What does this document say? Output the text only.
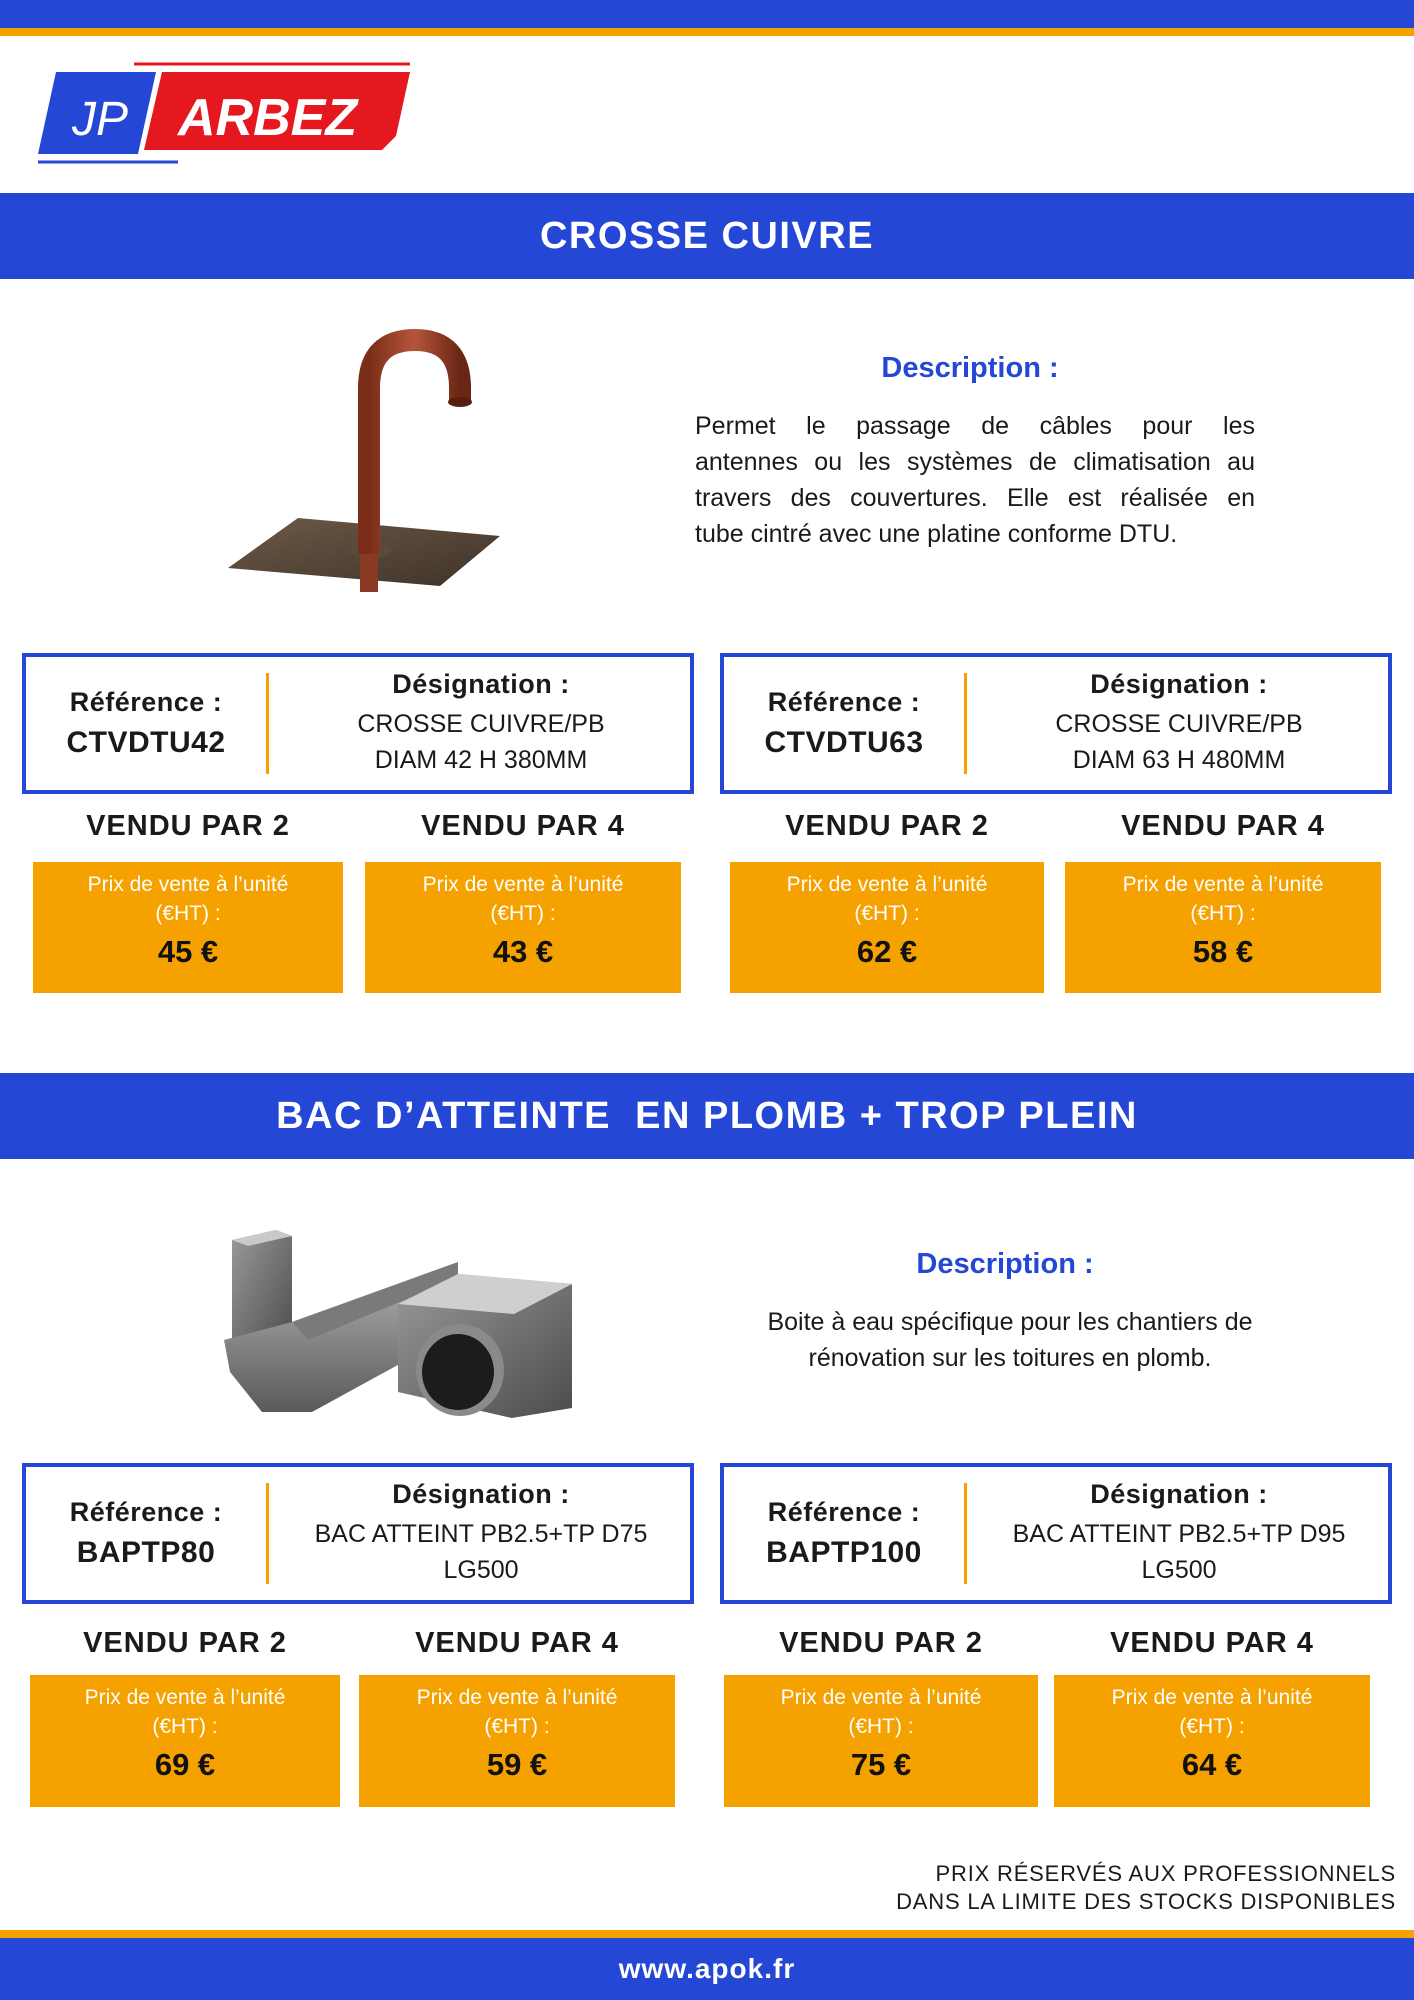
JP ARBEZ
CROSSE CUIVRE
Description :
Permet le passage de câbles pour les
antennes ou les systèmes de climatisation au
travers des couvertures. Elle est réalisée en
tube cintré avec une platine conforme DTU.
Référence :
CTVDTU42
Désignation :
CROSSE CUIVRE/PB
DIAM 42 H 380MM
Référence :
CTVDTU63
Désignation :
CROSSE CUIVRE/PB
DIAM 63 H 480MM
VENDU PAR 2	VENDU PAR 4	VENDU PAR 2	VENDU PAR 4
Prix de vente à l’unité
(€HT) :
45 €
Prix de vente à l’unité
(€HT) :
43 €
Prix de vente à l’unité
(€HT) :
62 €
Prix de vente à l’unité
(€HT) :
58 €
BAC D’ATTEINTE  EN PLOMB + TROP PLEIN
Description :
Boite à eau spécifique pour les chantiers de
rénovation sur les toitures en plomb.
Référence :
BAPTP80
Désignation :
BAC ATTEINT PB2.5+TP D75
LG500
Référence :
BAPTP100
Désignation :
BAC ATTEINT PB2.5+TP D95
LG500
VENDU PAR 2	VENDU PAR 4	VENDU PAR 2	VENDU PAR 4
Prix de vente à l’unité
(€HT) :
69 €
Prix de vente à l’unité
(€HT) :
59 €
Prix de vente à l’unité
(€HT) :
75 €
Prix de vente à l’unité
(€HT) :
64 €
PRIX RÉSERVÉS AUX PROFESSIONNELS
DANS LA LIMITE DES STOCKS DISPONIBLES
www.apok.fr
